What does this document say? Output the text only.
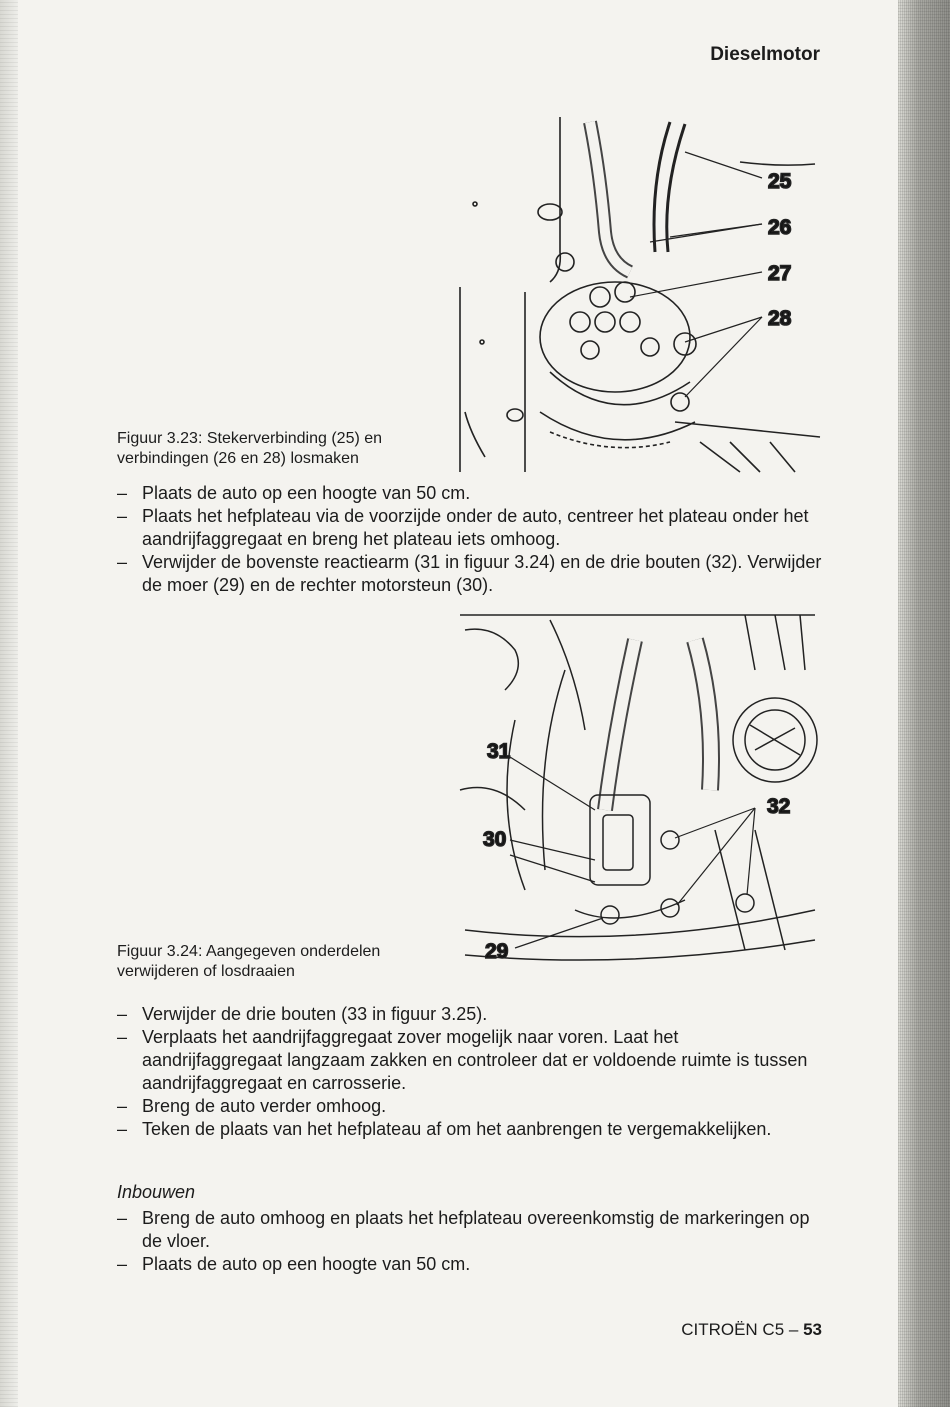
Dieselmotor
25
26
27
28
Figuur 3.23: Stekerverbinding (25) en verbindingen (26 en 28) losmaken
– Plaats de auto op een hoogte van 50 cm.
– Plaats het hefplateau via de voorzijde onder de auto, centreer het plateau onder het aandrijfaggregaat en breng het plateau iets omhoog.
– Verwijder de bovenste reactiearm (31 in figuur 3.24) en de drie bouten (32). Verwijder de moer (29) en de rechter motorsteun (30).
31
32
30
29
Figuur 3.24: Aangegeven onderdelen verwijderen of losdraaien
– Verwijder de drie bouten (33 in figuur 3.25).
– Verplaats het aandrijfaggregaat zover mogelijk naar voren. Laat het aandrijfaggregaat langzaam zakken en controleer dat er voldoende ruimte is tussen aandrijfaggregaat en carrosserie.
– Breng de auto verder omhoog.
– Teken de plaats van het hefplateau af om het aanbrengen te vergemakkelijken.
Inbouwen
– Breng de auto omhoog en plaats het hefplateau overeenkomstig de markeringen op de vloer.
– Plaats de auto op een hoogte van 50 cm.
CITROËN C5 – 53
